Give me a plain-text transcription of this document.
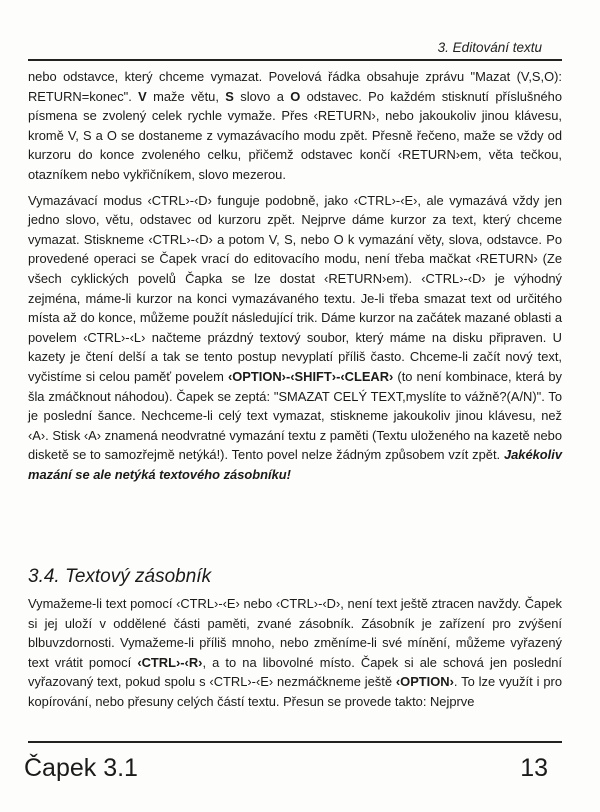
3. Editování textu

nebo odstavce, který chceme vymazat. Povelová řádka obsahuje zprávu "Mazat (V,S,O): RETURN=konec". V maže větu, S slovo a O odstavec. Po každém stisknutí příslušného písmena se zvolený celek rychle vymaže. Přes ‹RETURN›, nebo jakoukoliv jinou klávesu, kromě V, S a O se dostaneme z vymazávacího modu zpět. Přesně řečeno, maže se vždy od kurzoru do konce zvoleného celku, přičemž odstavec končí ‹RETURN›em, věta tečkou, otazníkem nebo vykřičníkem, slovo mezerou.

Vymazávací modus ‹CTRL›-‹D› funguje podobně, jako ‹CTRL›-‹E›, ale vymazává vždy jen jedno slovo, větu, odstavec od kurzoru zpět. Nejprve dáme kurzor za text, který chceme vymazat. Stiskneme ‹CTRL›-‹D› a potom V, S, nebo O k vymazání věty, slova, odstavce. Po provedené operaci se Čapek vrací do editovacího modu, není třeba mačkat ‹RETURN› (Ze všech cyklických povelů Čapka se lze dostat ‹RETURN›em). ‹CTRL›-‹D› je výhodný zejména, máme-li kurzor na konci vymazávaného textu. Je-li třeba smazat text od určitého místa až do konce, můžeme použít následující trik. Dáme kurzor na začátek mazané oblasti a povelem ‹CTRL›-‹L› načteme prázdný textový soubor, který máme na disku připraven. U kazety je čtení delší a tak se tento postup nevyplatí příliš často. Chceme-li začít nový text, vyčistíme si celou paměť povelem ‹OPTION›-‹SHIFT›-‹CLEAR› (to není kombinace, která by šla zmáčknout náhodou). Čapek se zeptá: "SMAZAT CELÝ TEXT,myslíte to vážně?(A/N)". To je poslední šance. Nechceme-li celý text vymazat, stiskneme jakoukoliv jinou klávesu, než ‹A›. Stisk ‹A› znamená neodvratné vymazání textu z paměti (Textu uloženého na kazetě nebo disketě se to samozřejmě netýká!). Tento povel nelze žádným způsobem vzít zpět. Jakékoliv mazání se ale netýká textového zásobníku!

3.4. Textový zásobník

Vymažeme-li text pomocí ‹CTRL›-‹E› nebo ‹CTRL›-‹D›, není text ještě ztracen navždy. Čapek si jej uloží v oddělené části paměti, zvané zásobník. Zásobník je zařízení pro zvýšení blbuvzdornosti. Vymažeme-li příliš mnoho, nebo změníme-li své mínění, můžeme vyřazený text vrátit pomocí ‹CTRL›-‹R›, a to na libovolné místo. Čapek si ale schová jen poslední vyřazovaný text, pokud spolu s ‹CTRL›-‹E› nezmáčkneme ještě ‹OPTION›. To lze využít i pro kopírování, nebo přesuny celých částí textu. Přesun se provede takto: Nejprve

Čapek 3.1	13
